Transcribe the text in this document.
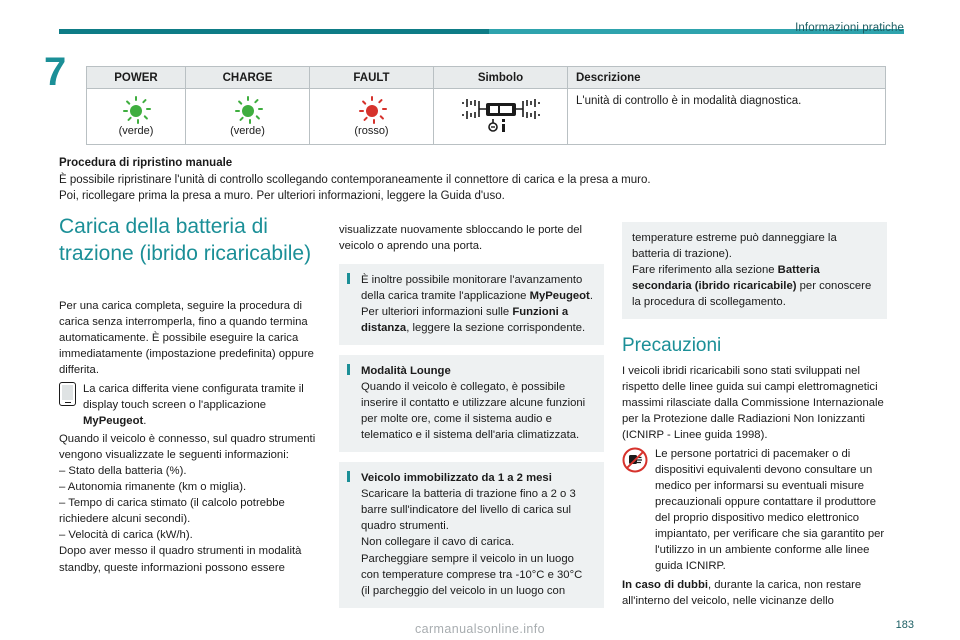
Informazioni pratiche
7	POWER	CHARGE	FAULT	Simbolo	Descrizione

(verde)	(verde)	(rosso)		L'unità di controllo è in modalità diagnostica.
Procedura di ripristino manuale
È possibile ripristinare l'unità di controllo scollegando contemporaneamente il connettore di carica e la presa a muro.
Poi, ricollegare prima la presa a muro. Per ulteriori informazioni, leggere la Guida d'uso.
Carica della batteria di trazione (ibrido ricaricabile)

Per una carica completa, seguire la procedura di carica senza interromperla, fino a quando termina automaticamente. È possibile eseguire la carica immediatamente (impostazione predefinita) oppure differita.

La carica differita viene configurata tramite il display touch screen o l'applicazione MyPeugeot.

Quando il veicolo è connesso, sul quadro strumenti vengono visualizzate le seguenti informazioni:

– Stato della batteria (%).
– Autonomia rimanente (km o miglia).
– Tempo di carica stimato (il calcolo potrebbe richiedere alcuni secondi).
– Velocità di carica (kW/h).

Dopo aver messo il quadro strumenti in modalità standby, queste informazioni possono essere

visualizzate nuovamente sbloccando le porte del veicolo o aprendo una porta.

È inoltre possibile monitorare l'avanzamento della carica tramite l'applicazione MyPeugeot.
Per ulteriori informazioni sulle Funzioni a distanza, leggere la sezione corrispondente.
Modalità Lounge
Quando il veicolo è collegato, è possibile inserire il contatto e utilizzare alcune funzioni per molte ore, come il sistema audio e telematico e il sistema dell'aria climatizzata.
Veicolo immobilizzato da 1 a 2 mesi
Scaricare la batteria di trazione fino a 2 o 3 barre sull'indicatore del livello di carica sul quadro strumenti.
Non collegare il cavo di carica.
Parcheggiare sempre il veicolo in un luogo con temperature comprese tra -10°C e 30°C (il parcheggio del veicolo in un luogo con
temperature estreme può danneggiare la batteria di trazione).
Fare riferimento alla sezione Batteria secondaria (ibrido ricaricabile) per conoscere la procedura di scollegamento.
Precauzioni

I veicoli ibridi ricaricabili sono stati sviluppati nel rispetto delle linee guida sui campi elettromagnetici massimi rilasciate dalla Commissione Internazionale per la Protezione dalle Radiazioni Non Ionizzanti (ICNIRP - Linee guida 1998).

Le persone portatrici di pacemaker o di dispositivi equivalenti devono consultare un medico per informarsi su eventuali misure precauzionali oppure contattare il produttore del proprio dispositivo medico elettronico impiantato, per verificare che sia garantito per l'utilizzo in un ambiente conforme alle linee guida ICNIRP.

In caso di dubbi, durante la carica, non restare all'interno del veicolo, nelle vicinanze dello

183
carmanualsonline.info
